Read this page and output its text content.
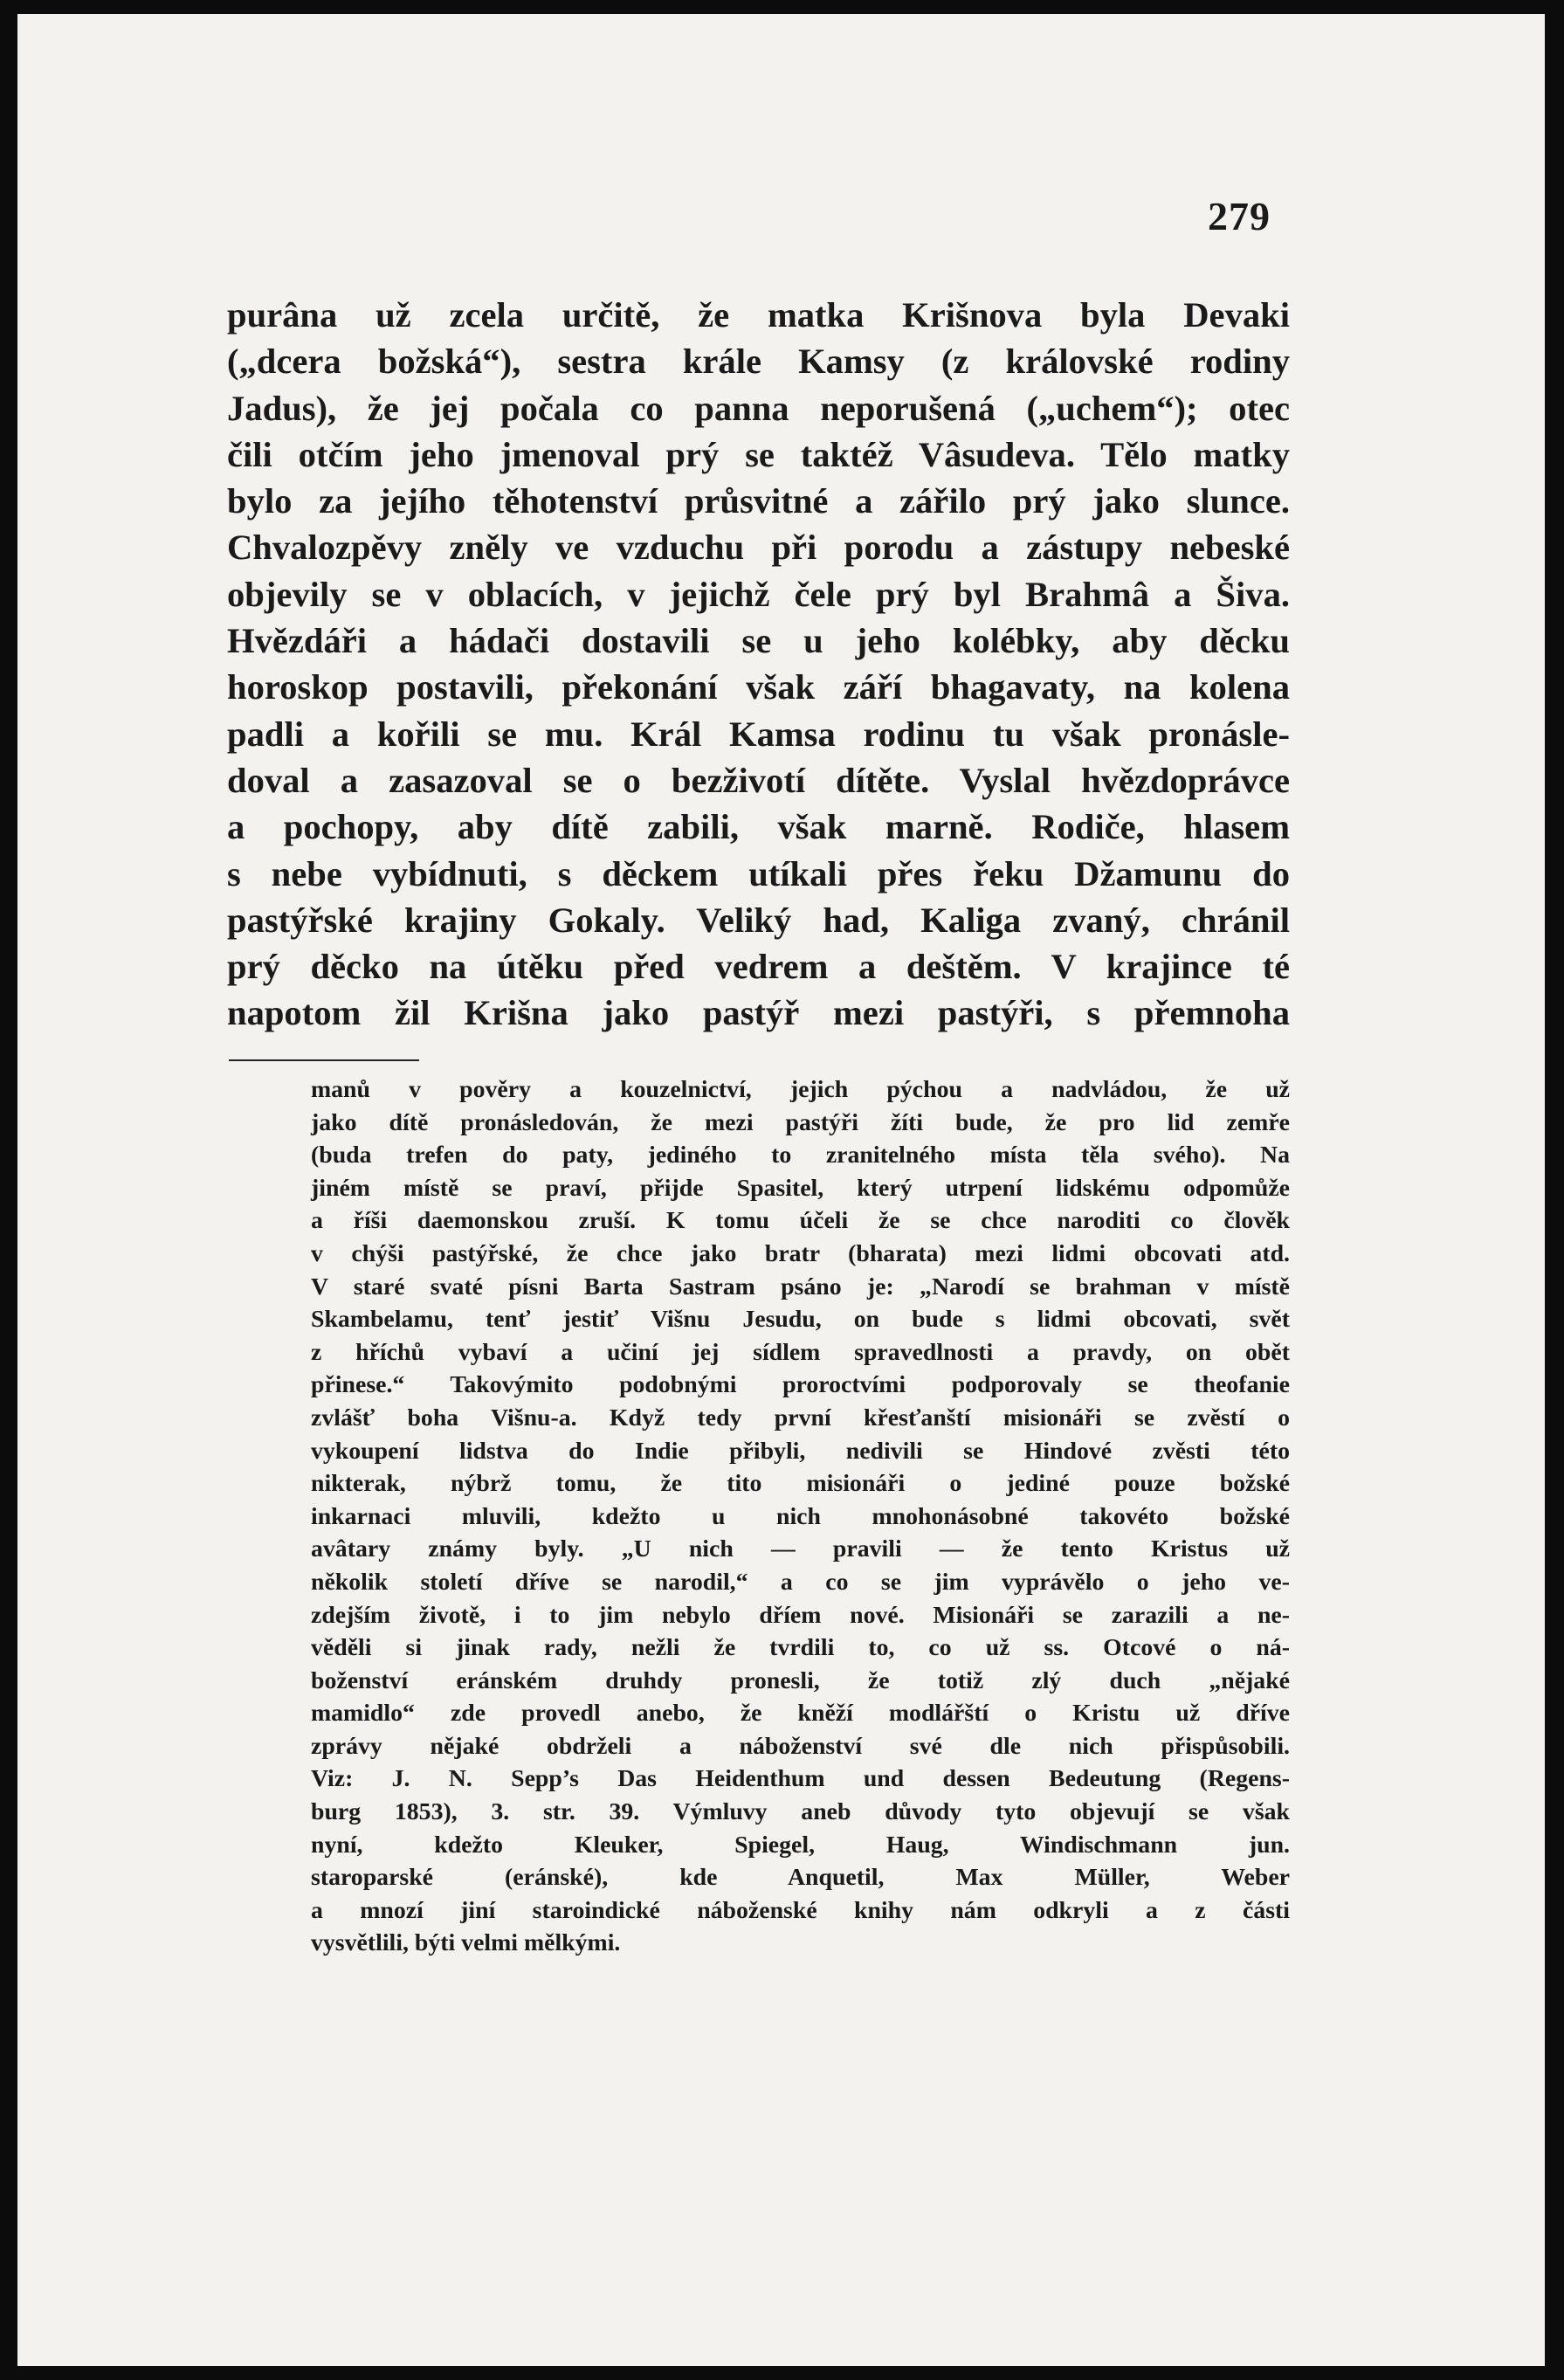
279
purâna už zcela určitě, že matka Krišnova byla Devaki
(„dcera božská“), sestra krále Kamsy (z královské rodiny
Jadus), že jej počala co panna neporušená („uchem“); otec
čili otčím jeho jmenoval prý se taktéž Vâsudeva. Tělo matky
bylo za jejího těhotenství průsvitné a zářilo prý jako slunce.
Chvalozpěvy zněly ve vzduchu při porodu a zástupy nebeské
objevily se v oblacích, v jejichž čele prý byl Brahmâ a Šiva.
Hvězdáři a hádači dostavili se u jeho kolébky, aby děcku
horoskop postavili, překonání však září bhagavaty, na kolena
padli a kořili se mu. Král Kamsa rodinu tu však pronásle-
doval a zasazoval se o bezživotí dítěte. Vyslal hvězdoprávce
a pochopy, aby dítě zabili, však marně. Rodiče, hlasem
s nebe vybídnuti, s děckem utíkali přes řeku Džamunu do
pastýřské krajiny Gokaly. Veliký had, Kaliga zvaný, chránil
prý děcko na útěku před vedrem a deštěm. V krajince té
napotom žil Krišna jako pastýř mezi pastýři, s přemnoha
manů v pověry a kouzelnictví, jejich pýchou a nadvládou, že už
jako dítě pronásledován, že mezi pastýři žíti bude, že pro lid zemře
(buda trefen do paty, jediného to zranitelného místa těla svého). Na
jiném místě se praví, přijde Spasitel, který utrpení lidskému odpomůže
a říši daemonskou zruší. K tomu účeli že se chce naroditi co člověk
v chýši pastýřské, že chce jako bratr (bharata) mezi lidmi obcovati atd.
V staré svaté písni Barta Sastram psáno je: „Narodí se brahman v místě
Skambelamu, tenť jestiť Višnu Jesudu, on bude s lidmi obcovati, svět
z hříchů vybaví a učiní jej sídlem spravedlnosti a pravdy, on obět
přinese.“ Takovýmito podobnými proroctvími podporovaly se theofanie
zvlášť boha Višnu-a. Když tedy první křesťanští misionáři se zvěstí o
vykoupení lidstva do Indie přibyli, nedivili se Hindové zvěsti této
nikterak, nýbrž tomu, že tito misionáři o jediné pouze božské
inkarnaci mluvili, kdežto u nich mnohonásobné takovéto božské
avâtary známy byly. „U nich — pravili — že tento Kristus už
několik století dříve se narodil,“ a co se jim vyprávělo o jeho ve-
zdejším životě, i to jim nebylo dříem nové. Misionáři se zarazili a ne-
věděli si jinak rady, nežli že tvrdili to, co už ss. Otcové o ná-
boženství eránském druhdy pronesli, že totiž zlý duch „nějaké
mamidlo“ zde provedl anebo, že kněží modlářští o Kristu už dříve
zprávy nějaké obdrželi a náboženství své dle nich přispůsobili.
Viz: J. N. Sepp’s Das Heidenthum und dessen Bedeutung (Regens-
burg 1853), 3. str. 39. Výmluvy aneb důvody tyto objevují se však
nyní, kdežto Kleuker, Spiegel, Haug, Windischmann jun.
staroparské (eránské), kde Anquetil, Max Müller, Weber
a mnozí jiní staroindické náboženské knihy nám odkryli a z části
vysvětlili, býti velmi mělkými.
